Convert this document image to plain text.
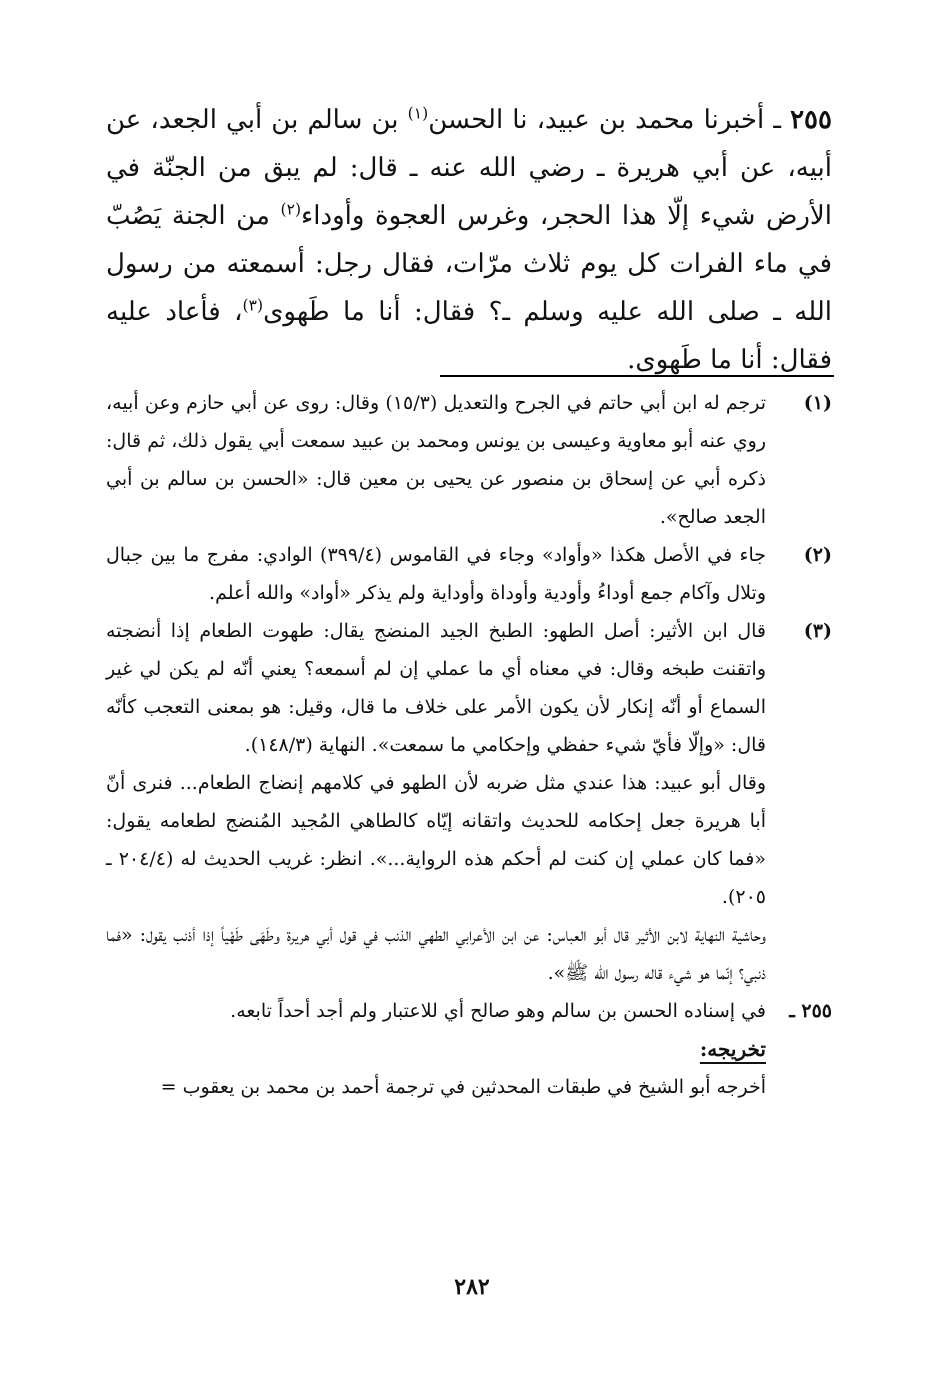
٢٥٥ ـ أخبرنا محمد بن عبيد، نا الحسن$^{(١)}$ بن سالم بن أبي الجعد، عن أبيه، عن أبي هريرة ـ رضي الله عنه ـ قال: لم يبق من الجنّة في الأرض شيء إلّا هذا الحجر، وغرس العجوة وأوداء$^{(٢)}$ من الجنة يَصُبّ في ماء الفرات كل يوم ثلاث مرّات، فقال رجل: أسمعته من رسول الله ـ صلى الله عليه وسلم ـ؟ فقال: أنا ما طَهوى$^{(٣)}$، فأعاد عليه فقال: أنا ما طَهوى.
(١)

ترجم له ابن أبي حاتم في الجرح والتعديل (١٥/٣) وقال: روى عن أبي حازم وعن أبيه، روي عنه أبو معاوية وعيسى بن يونس ومحمد بن عبيد سمعت أبي يقول ذلك، ثم قال: ذكره أبي عن إسحاق بن منصور عن يحيى بن معين قال: «الحسن بن سالم بن أبي الجعد صالح».

(٢)

جاء في الأصل هكذا «وأواد» وجاء في القاموس (٣٩٩/٤) الوادي: مفرج ما بين جبال وتلال وآكام جمع أوداءُ وأودية وأوداة وأوداية ولم يذكر «أواد» والله أعلم.

(٣)

قال ابن الأثير: أصل الطهو: الطبخ الجيد المنضج يقال: طهوت الطعام إذا أنضجته واتقنت طبخه وقال: في معناه أي ما عملي إن لم أسمعه؟ يعني أنّه لم يكن لي غير السماع أو أنّه إنكار لأن يكون الأمر على خلاف ما قال، وقيل: هو بمعنى التعجب كأنّه قال: «وإلّا فأيّ شيء حفظي وإحكامي ما سمعت». النهاية (١٤٨/٣).

وقال أبو عبيد: هذا عندي مثل ضربه لأن الطهو في كلامهم إنضاج الطعام... فنرى أنّ أبا هريرة جعل إحكامه للحديث واتقانه إيّاه كالطاهي المُجيد المُنضج لطعامه يقول: «فما كان عملي إن كنت لم أحكم هذه الرواية...». انظر: غريب الحديث له (٢٠٤/٤ ـ ٢٠٥).

وحاشية النهاية لابن الأثير قال أبو العباس: عن ابن الأعرابي الطهي الذنب في قول أبي هريرة وطَهَى طَهْياً إذا أذنب يقول: «فما ذنبي؟ إنّما هو شيء قاله رسول الله ﷺ».

٢٥٥ ـ

في إسناده الحسن بن سالم وهو صالح أي للاعتبار ولم أجد أحداً تابعه.

تخريجه:

أخرجه أبو الشيخ في طبقات المحدثين في ترجمة أحمد بن محمد بن يعقوب =

٢٨٢
